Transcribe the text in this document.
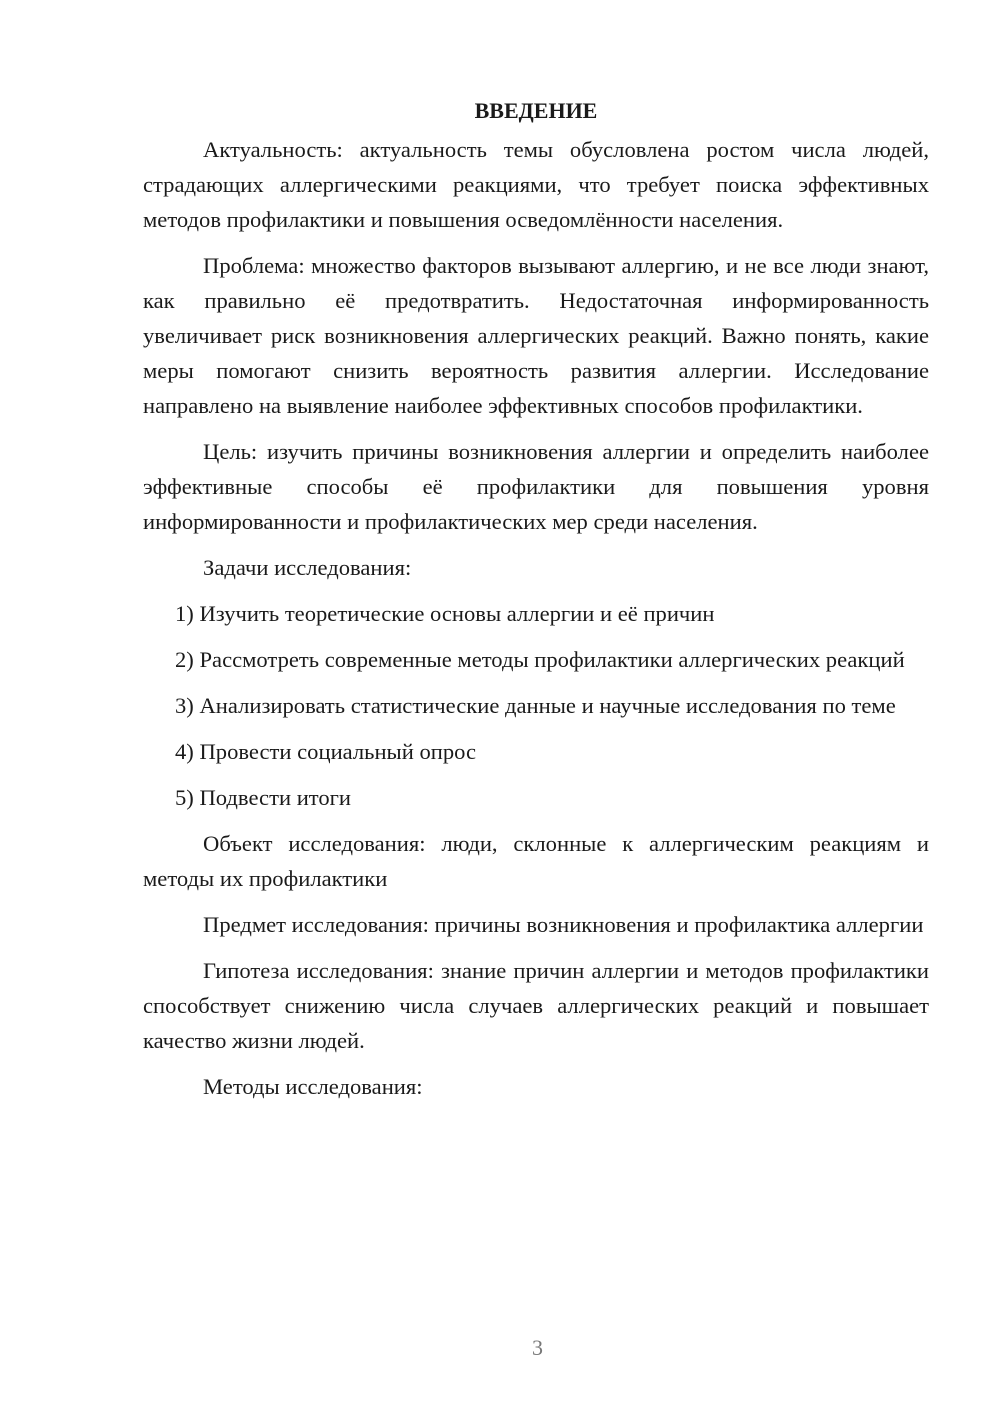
ВВЕДЕНИЕ

Актуальность: актуальность темы обусловлена ростом числа людей, страдающих аллергическими реакциями, что требует поиска эффективных методов профилактики и повышения осведомлённости населения.

Проблема: множество факторов вызывают аллергию, и не все люди знают, как правильно её предотвратить. Недостаточная информированность увеличивает риск возникновения аллергических реакций. Важно понять, какие меры помогают снизить вероятность развития аллергии. Исследование направлено на выявление наиболее эффективных способов профилактики.

Цель: изучить причины возникновения аллергии и определить наиболее эффективные способы её профилактики для повышения уровня информированности и профилактических мер среди населения.

Задачи исследования:

1) Изучить теоретические основы аллергии и её причин

2) Рассмотреть современные методы профилактики аллергических реакций

3) Анализировать статистические данные и научные исследования по теме

4) Провести социальный опрос

5) Подвести итоги

Объект исследования: люди, склонные к аллергическим реакциям и методы их профилактики

Предмет исследования: причины возникновения и профилактика аллергии

Гипотеза исследования: знание причин аллергии и методов профилактики способствует снижению числа случаев аллергических реакций и повышает качество жизни людей.

Методы исследования:

3
